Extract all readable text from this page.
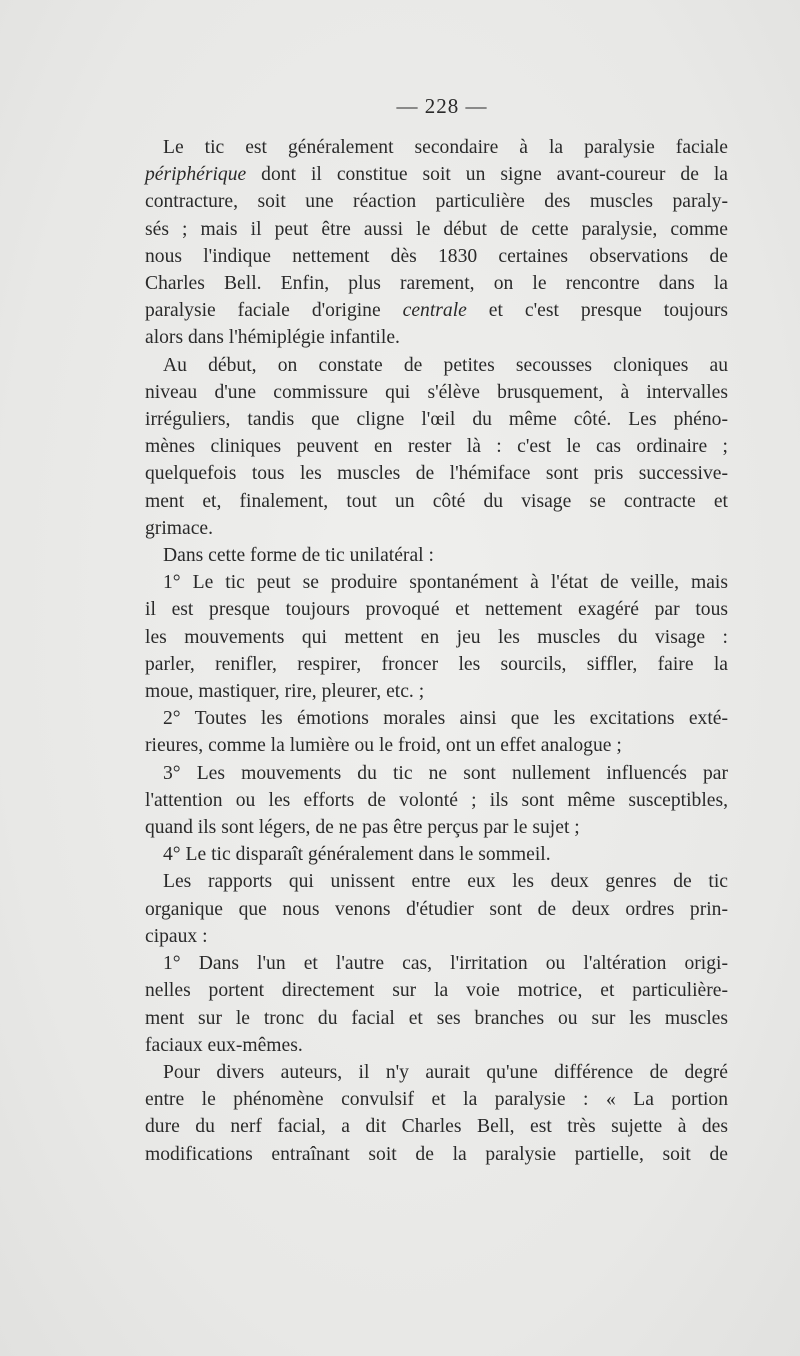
— 228 —
Le tic est généralement secondaire à la paralysie faciale
périphérique dont il constitue soit un signe avant-coureur de la
contracture, soit une réaction particulière des muscles paraly-
sés ; mais il peut être aussi le début de cette paralysie, comme
nous l'indique nettement dès 1830 certaines observations de
Charles Bell. Enfin, plus rarement, on le rencontre dans la
paralysie faciale d'origine centrale et c'est presque toujours
alors dans l'hémiplégie infantile.
Au début, on constate de petites secousses cloniques au
niveau d'une commissure qui s'élève brusquement, à intervalles
irréguliers, tandis que cligne l'œil du même côté. Les phéno-
mènes cliniques peuvent en rester là : c'est le cas ordinaire ;
quelquefois tous les muscles de l'hémiface sont pris successive-
ment et, finalement, tout un côté du visage se contracte et
grimace.
Dans cette forme de tic unilatéral :
1° Le tic peut se produire spontanément à l'état de veille, mais
il est presque toujours provoqué et nettement exagéré par tous
les mouvements qui mettent en jeu les muscles du visage :
parler, renifler, respirer, froncer les sourcils, siffler, faire la
moue, mastiquer, rire, pleurer, etc. ;
2° Toutes les émotions morales ainsi que les excitations exté-
rieures, comme la lumière ou le froid, ont un effet analogue ;
3° Les mouvements du tic ne sont nullement influencés par
l'attention ou les efforts de volonté ; ils sont même susceptibles,
quand ils sont légers, de ne pas être perçus par le sujet ;
4° Le tic disparaît généralement dans le sommeil.
Les rapports qui unissent entre eux les deux genres de tic
organique que nous venons d'étudier sont de deux ordres prin-
cipaux :
1° Dans l'un et l'autre cas, l'irritation ou l'altération origi-
nelles portent directement sur la voie motrice, et particulière-
ment sur le tronc du facial et ses branches ou sur les muscles
faciaux eux-mêmes.
Pour divers auteurs, il n'y aurait qu'une différence de degré
entre le phénomène convulsif et la paralysie : « La portion
dure du nerf facial, a dit Charles Bell, est très sujette à des
modifications entraînant soit de la paralysie partielle, soit de
